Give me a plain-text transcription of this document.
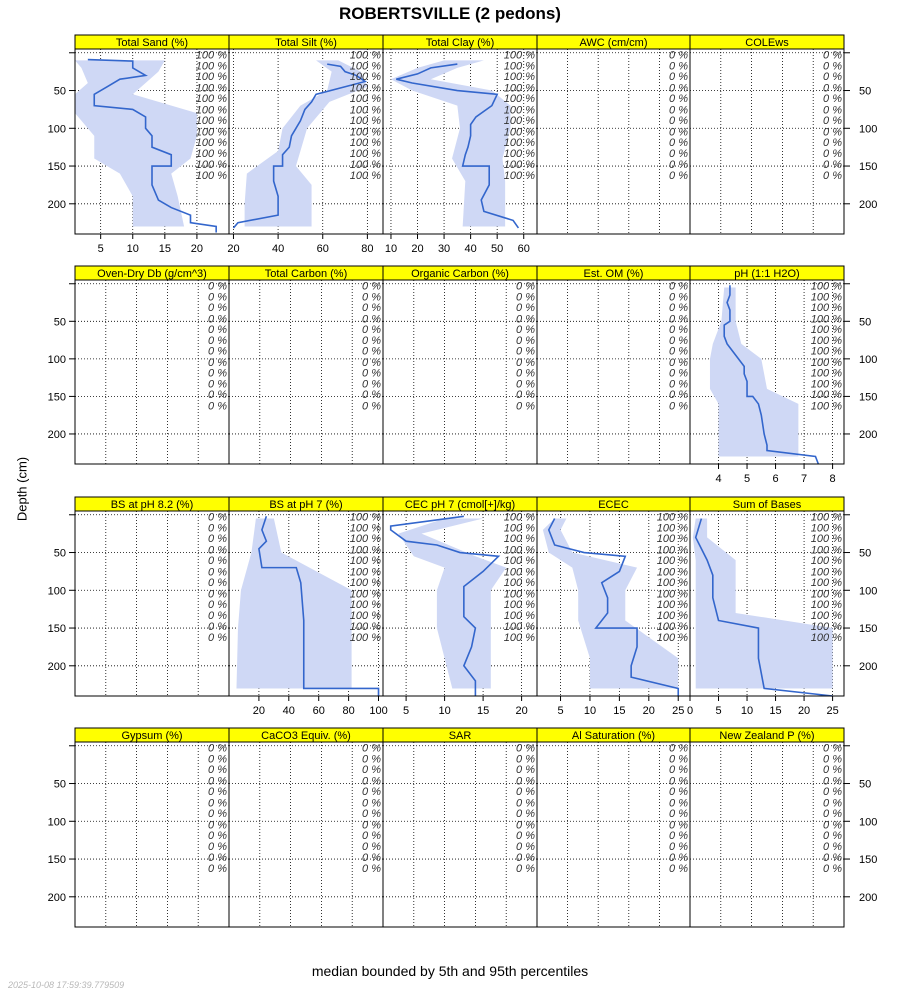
ROBERTSVILLE (2 pedons)
Depth (cm)
Total Sand (%)
100 %
100 %
100 %
100 %
100 %
100 %
100 %
100 %
100 %
100 %
100 %
100 %
5 10 15 20
50
100
150
200
Total Silt (%)
100 %
100 %
100 %
100 %
100 %
100 %
100 %
100 %
100 %
100 %
100 %
100 %
20	40	60	80
Total Clay (%)
100 %
100 %
100 %
100 %
100 %
100 %
100 %
100 %
100 %
100 %
100 %
100 %
10 20 30 40 50 60
AWC (cm/cm)
0 %
0 %
0 %
0 %
0 %
0 %
0 %
0 %
0 %
0 %
0 %
0 %
COLEws
0 %
0 %
0 %
0 %
0 %
0 %
0 %
0 %
0 %
0 %
0 %
0 %
50
100
150
200
Oven-Dry Db (g/cm^3)
0 %
0 %
0 %
0 %
0 %
0 %
0 %
0 %
0 %
0 %
0 %
0 %
50
100
150
200
Total Carbon (%)
0 %
0 %
0 %
0 %
0 %
0 %
0 %
0 %
0 %
0 %
0 %
0 %
Organic Carbon (%)
0 %
0 %
0 %
0 %
0 %
0 %
0 %
0 %
0 %
0 %
0 %
0 %
Est. OM (%)
0 %
0 %
0 %
0 %
0 %
0 %
0 %
0 %
0 %
0 %
0 %
0 %
pH (1:1 H2O)
100 %
100 %
100 %
100 %
100 %
100 %
100 %
100 %
100 %
100 %
100 %
100 %
4 5 6 7 8
50
100
150
200
BS at pH 8.2 (%)
0 %
0 %
0 %
0 %
0 %
0 %
0 %
0 %
0 %
0 %
0 %
0 %
50
100
150
200
BS at pH 7 (%)
100 %
100 %
100 %
100 %
100 %
100 %
100 %
100 %
100 %
100 %
100 %
100 %
20 40 60 80 100
CEC pH 7 (cmol[+]/kg)
100 %
100 %
100 %
100 %
100 %
100 %
100 %
100 %
100 %
100 %
100 %
100 %
5	10 15 20
ECEC
100 %
100 %
100 %
100 %
100 %
100 %
100 %
100 %
100 %
100 %
100 %
100 %
5 10 15 20 25
Sum of Bases
100 %
100 %
100 %
100 %
100 %
100 %
100 %
100 %
100 %
100 %
100 %
100 %
0 5 10 15 20 25
50
100
150
200
Gypsum (%)
0 %
0 %
0 %
0 %
0 %
0 %
0 %
0 %
0 %
0 %
0 %
0 %
50
100
150
200
CaCO3 Equiv. (%)
0 %
0 %
0 %
0 %
0 %
0 %
0 %
0 %
0 %
0 %
0 %
0 %
SAR
0 %
0 %
0 %
0 %
0 %
0 %
0 %
0 %
0 %
0 %
0 %
0 %
Al Saturation (%)
0 %
0 %
0 %
0 %
0 %
0 %
0 %
0 %
0 %
0 %
0 %
0 %
New Zealand P (%)
0 %
0 %
0 %
0 %
0 %
0 %
0 %
0 %
0 %
0 %
0 %
0 %
50
100
150
200
median bounded by 5th and 95th percentiles
2025-10-08 17:59:39.779509
